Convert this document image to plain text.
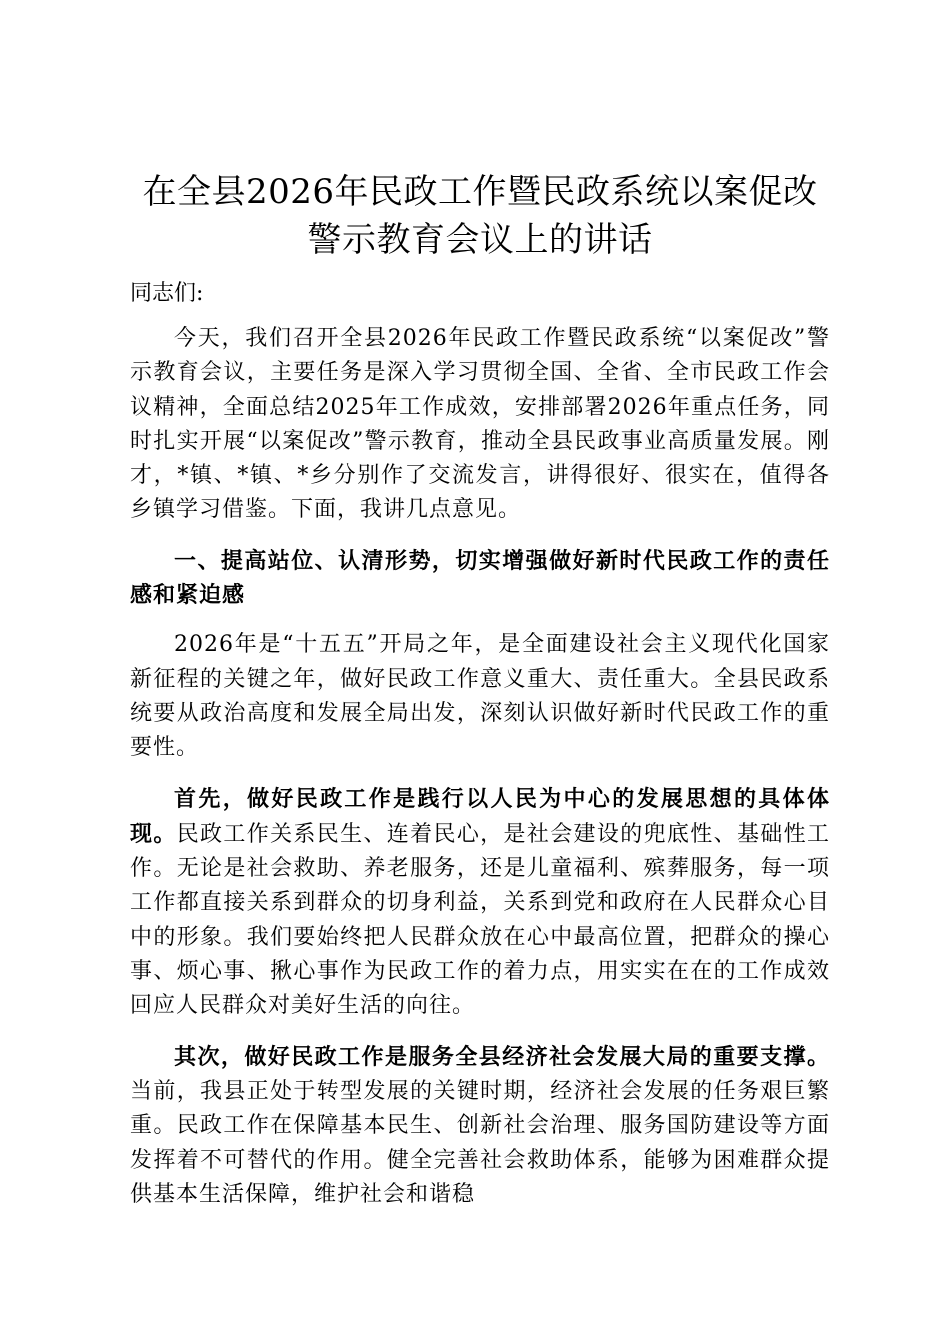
在全县2026年民政工作暨民政系统以案促改
警示教育会议上的讲话
同志们:

今天，我们召开全县2026年民政工作暨民政系统“以案促改”警示教育会议，主要任务是深入学习贯彻全国、全省、全市民政工作会议精神，全面总结2025年工作成效，安排部署2026年重点任务，同时扎实开展“以案促改”警示教育，推动全县民政事业高质量发展。刚才，*镇、*镇、*乡分别作了交流发言，讲得很好、很实在，值得各乡镇学习借鉴。下面，我讲几点意见。

一、提高站位、认清形势，切实增强做好新时代民政工作的责任感和紧迫感

2026年是“十五五”开局之年，是全面建设社会主义现代化国家新征程的关键之年，做好民政工作意义重大、责任重大。全县民政系统要从政治高度和发展全局出发，深刻认识做好新时代民政工作的重要性。

首先，做好民政工作是践行以人民为中心的发展思想的具体体现。民政工作关系民生、连着民心，是社会建设的兜底性、基础性工作。无论是社会救助、养老服务，还是儿童福利、殡葬服务，每一项工作都直接关系到群众的切身利益，关系到党和政府在人民群众心目中的形象。我们要始终把人民群众放在心中最高位置，把群众的操心事、烦心事、揪心事作为民政工作的着力点，用实实在在的工作成效回应人民群众对美好生活的向往。

其次，做好民政工作是服务全县经济社会发展大局的重要支撑。当前，我县正处于转型发展的关键时期，经济社会发展的任务艰巨繁重。民政工作在保障基本民生、创新社会治理、服务国防建设等方面发挥着不可替代的作用。健全完善社会救助体系，能够为困难群众提供基本生活保障，维护社会和谐稳
